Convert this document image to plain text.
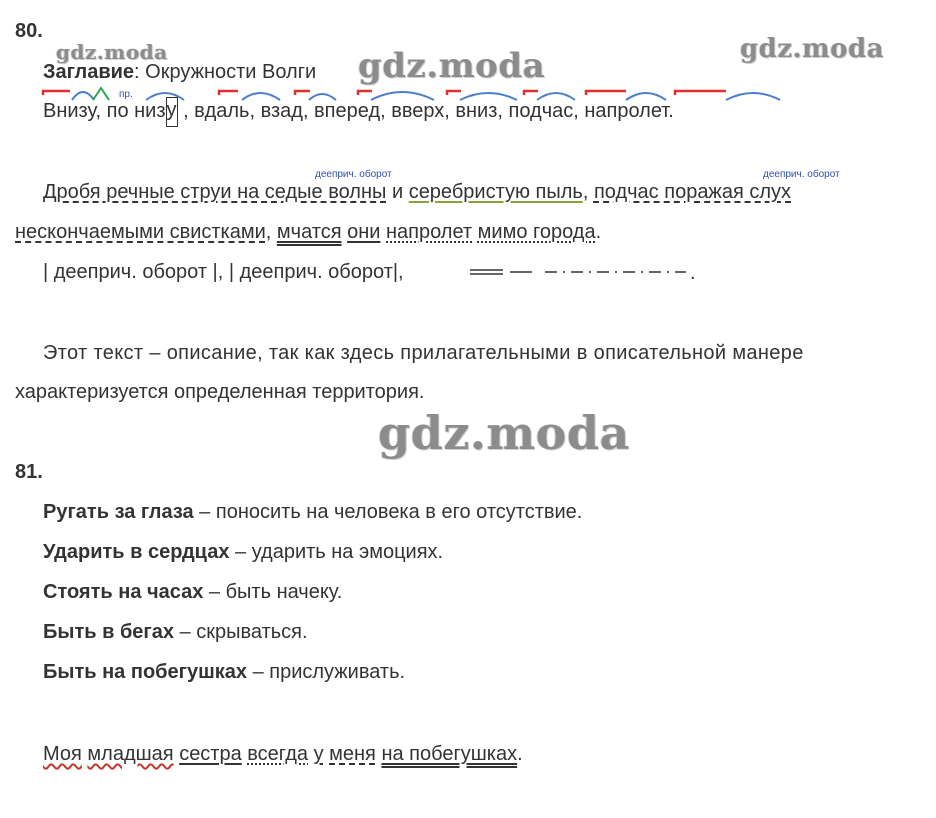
gdz.moda	gdz.moda	gdz.moda
gdz.moda
80.
Заглавие: Окружности Волги
пр.
Внизу, по низу , вдаль, взад, вперед, вверх, вниз, подчас, напролет.
дееприч. оборот	дееприч. оборот
Дробя речные струи на седые волны и серебристую пыль, подчас поражая слух
нескончаемыми свистками, мчатся они напролет мимо города.
| дееприч. оборот |, | дееприч. оборот|,	.
Этот текст – описание, так как здесь прилагательными в описательной манере
характеризуется определенная территория.
81.
Ругать за глаза – поносить на человека в его отсутствие.
Ударить в сердцах – ударить на эмоциях.
Стоять на часах – быть начеку.
Быть в бегах – скрываться.
Быть на побегушках – прислуживать.
Моя младшая сестра всегда у меня на побегушках.
